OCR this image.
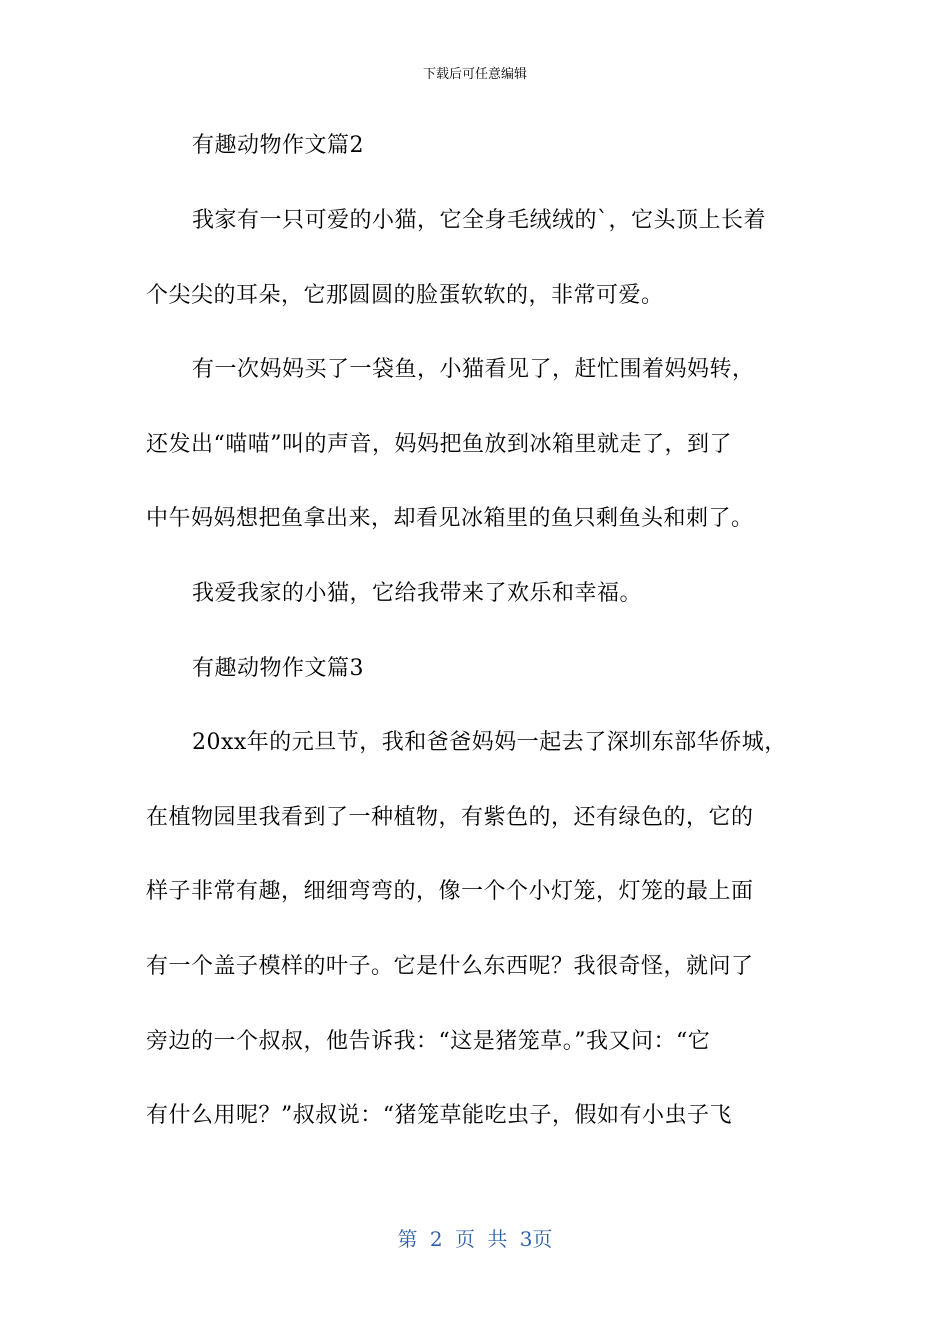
下载后可任意编辑
有趣动物作文篇2
我家有一只可爱的小猫，它全身毛绒绒的`，它头顶上长着
个尖尖的耳朵，它那圆圆的脸蛋软软的，非常可爱。
有一次妈妈买了一袋鱼，小猫看见了，赶忙围着妈妈转，
还发出“喵喵”叫的声音，妈妈把鱼放到冰箱里就走了，到了
中午妈妈想把鱼拿出来，却看见冰箱里的鱼只剩鱼头和刺了。
我爱我家的小猫，它给我带来了欢乐和幸福。
有趣动物作文篇3
20xx年的元旦节，我和爸爸妈妈一起去了深圳东部华侨城，
在植物园里我看到了一种植物，有紫色的，还有绿色的，它的
样子非常有趣，细细弯弯的，像一个个小灯笼，灯笼的最上面
有一个盖子模样的叶子。它是什么东西呢？我很奇怪，就问了
旁边的一个叔叔，他告诉我：“这是猪笼草。”我又问：“它
有什么用呢？”叔叔说：“猪笼草能吃虫子，假如有小虫子飞
第 2 页 共 3页
